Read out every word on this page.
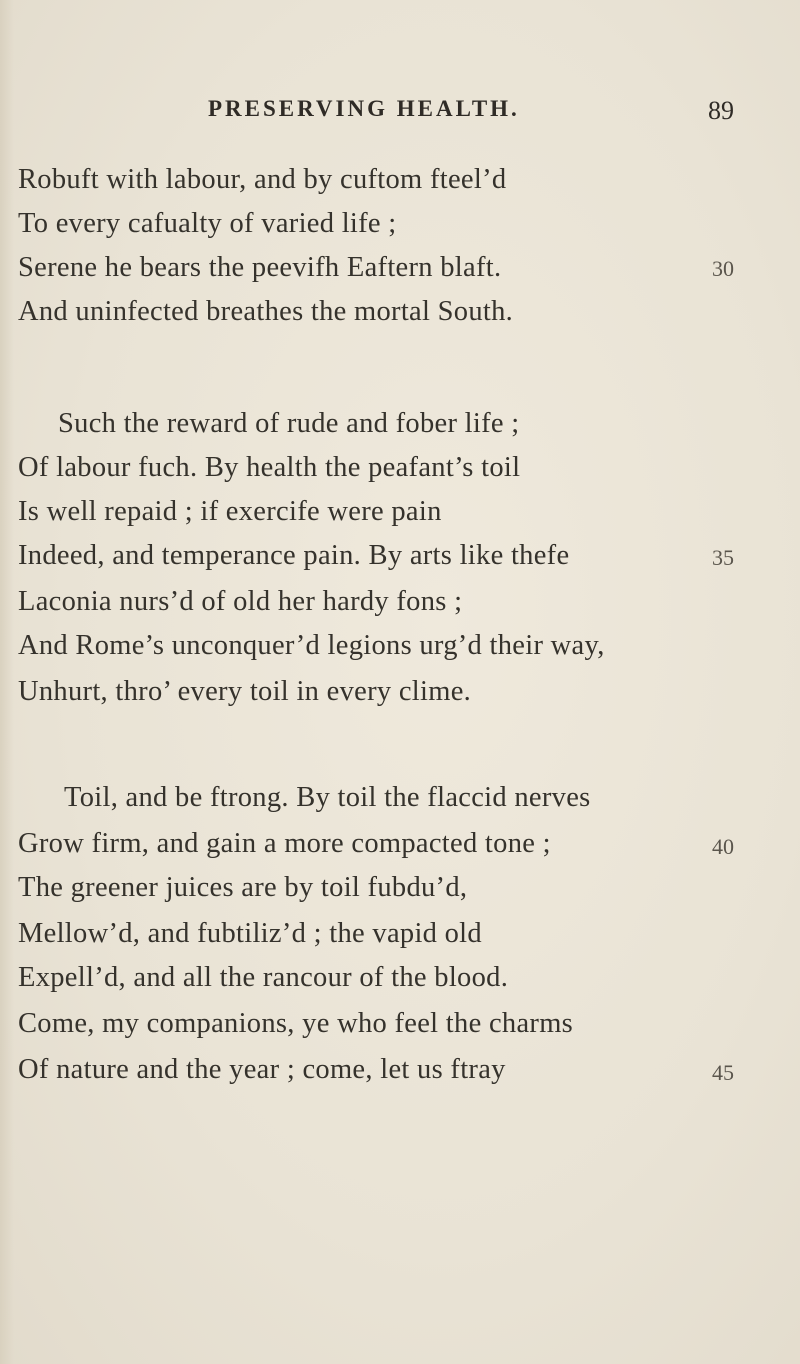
PRESERVING HEALTH.	89
Robuft with labour, and by cuftom fteel’d
To every cafualty of varied life ;
Serene he bears the peevifh Eaftern blaft.	30
And uninfected breathes the mortal South.
Such the reward of rude and fober life ;
Of labour fuch. By health the peafant’s toil
Is well repaid ; if exercife were pain
Indeed, and temperance pain. By arts like thefe	35
Laconia nurs’d of old her hardy fons ;
And Rome’s unconquer’d legions urg’d their way,
Unhurt, thro’ every toil in every clime.
Toil, and be ftrong. By toil the flaccid nerves
Grow firm, and gain a more compacted tone ;	40
The greener juices are by toil fubdu’d,
Mellow’d, and fubtiliz’d ; the vapid old
Expell’d, and all the rancour of the blood.
Come, my companions, ye who feel the charms
Of nature and the year ; come, let us ftray	45
